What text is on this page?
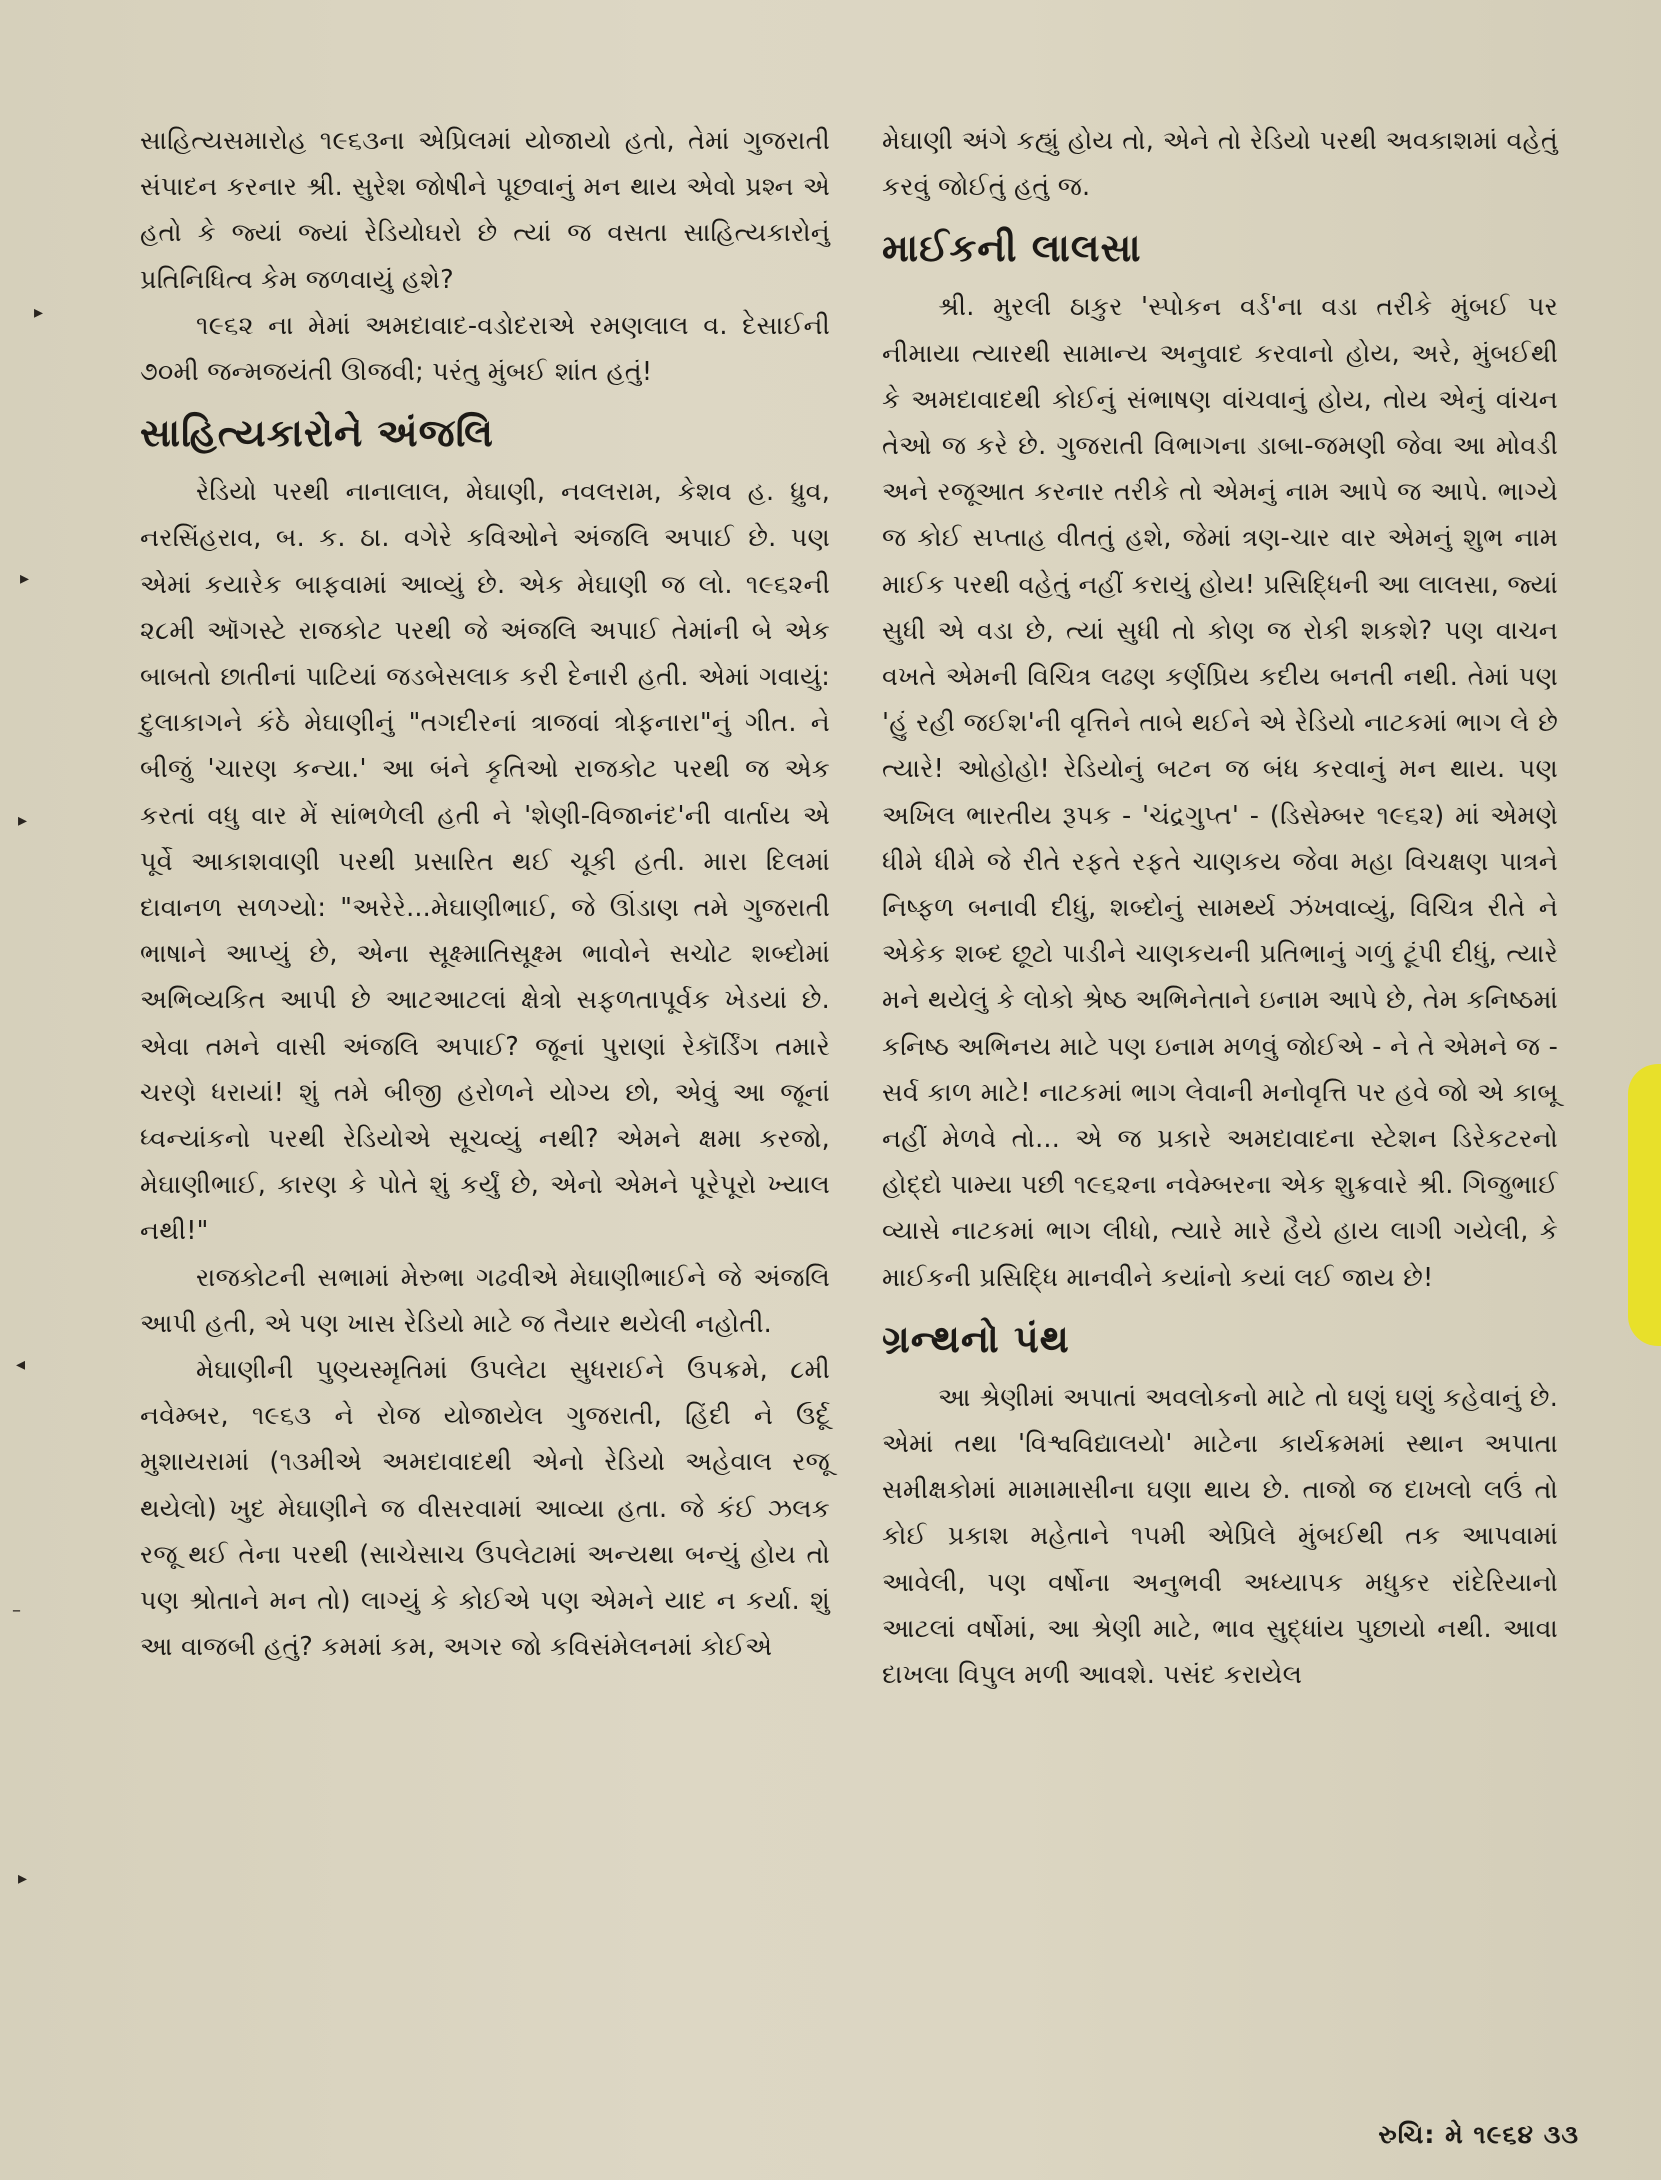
સાહિત્યસમારોહ ૧૯૬૩ના એપ્રિલમાં યોજાયો હતો, તેમાં ગુજરાતી સંપાદન કરનાર શ્રી. સુરેશ જોષીને પૂછવાનું મન થાય એવો પ્રશ્ન એ હતો કે જ્યાં જ્યાં રેડિયોઘરો છે ત્યાં જ વસતા સાહિત્યકારોનું પ્રતિનિધિત્વ કેમ જળવાયું હશે?

૧૯૬૨ ના મેમાં અમદાવાદ-વડોદરાએ રમણલાલ વ. દેસાઈની ૭૦મી જન્મજયંતી ઊજવી; પરંતુ મુંબઈ શાંત હતું!

સાહિત્યકારોને અંજલિ

રેડિયો પરથી નાનાલાલ, મેઘાણી, નવલરામ, કેશવ હ. ધ્રુવ, નરસિંહરાવ, બ. ક. ઠા. વગેરે કવિઓને અંજલિ અપાઈ છે. પણ એમાં કયારેક બાફવામાં આવ્યું છે. એક મેઘાણી જ લો. ૧૯૬૨ની ૨૮મી ઑગસ્ટે રાજકોટ પરથી જે અંજલિ અપાઈ તેમાંની બે એક બાબતો છાતીનાં પાટિયાં જડબેસલાક કરી દેનારી હતી. એમાં ગવાયું: દુલાકાગને કંઠે મેઘાણીનું "તગદીરનાં ત્રાજવાં ત્રોફનારા"નું ગીત. ને બીજું 'ચારણ કન્યા.' આ બંને કૃતિઓ રાજકોટ પરથી જ એક કરતાં વધુ વાર મેં સાંભળેલી હતી ને 'શેણી-વિજાનંદ'ની વાર્તાય એ પૂર્વે આકાશવાણી પરથી પ્રસારિત થઈ ચૂકી હતી. મારા દિલમાં દાવાનળ સળગ્યો: "અરેરે...મેઘાણીભાઈ, જે ઊંડાણ તમે ગુજરાતી ભાષાને આપ્યું છે, એના સૂક્ષ્માતિસૂક્ષ્મ ભાવોને સચોટ શબ્દોમાં અભિવ્યકિત આપી છે આટઆટલાં ક્ષેત્રો સફળતાપૂર્વક ખેડયાં છે. એવા તમને વાસી અંજલિ અપાઈ? જૂનાં પુરાણાં રેકૉર્ડિંગ તમારે ચરણે ધરાયાં! શું તમે બીજી હરોળને યોગ્ય છો, એવું આ જૂનાં ધ્વન્યાંકનો પરથી રેડિયોએ સૂચવ્યું નથી? એમને ક્ષમા કરજો, મેઘાણીભાઈ, કારણ કે પોતે શું કર્યું છે, એનો એમને પૂરેપૂરો ખ્યાલ નથી!"

રાજકોટની સભામાં મેરુભા ગઢવીએ મેઘાણીભાઈને જે અંજલિ આપી હતી, એ પણ ખાસ રેડિયો માટે જ તૈયાર થયેલી નહોતી.

મેઘાણીની પુણ્યસ્મૃતિમાં ઉપલેટા સુધરાઈને ઉપક્રમે, ૮મી નવેમ્બર, ૧૯૬૩ ને રોજ યોજાયેલ ગુજરાતી, હિંદી ને ઉર્દૂ મુશાયરામાં (૧૩મીએ અમદાવાદથી એનો રેડિયો અહેવાલ રજૂ થયેલો) ખુદ મેઘાણીને જ વીસરવામાં આવ્યા હતા. જે કંઈ ઝલક રજૂ થઈ તેના પરથી (સાચેસાચ ઉપલેટામાં અન્યથા બન્યું હોય તો પણ શ્રોતાને મન તો) લાગ્યું કે કોઈએ પણ એમને યાદ ન કર્યા. શું આ વાજબી હતું? કમમાં કમ, અગર જો કવિસંમેલનમાં કોઈએ

મેઘાણી અંગે કહ્યું હોય તો, એને તો રેડિયો પરથી અવકાશમાં વહેતું કરવું જોઈતું હતું જ.

માઈકની લાલસા

શ્રી. મુરલી ઠાકુર 'સ્પોકન વર્ડ'ના વડા તરીકે મુંબઈ પર નીમાયા ત્યારથી સામાન્ય અનુવાદ કરવાનો હોય, અરે, મુંબઈથી કે અમદાવાદથી કોઈનું સંભાષણ વાંચવાનું હોય, તોય એનું વાંચન તેઓ જ કરે છે. ગુજરાતી વિભાગના ડાબા-જમણી જેવા આ મોવડી અને રજૂઆત કરનાર તરીકે તો એમનું નામ આપે જ આપે. ભાગ્યે જ કોઈ સપ્તાહ વીતતું હશે, જેમાં ત્રણ-ચાર વાર એમનું શુભ નામ માઈક પરથી વહેતું નહીં કરાયું હોય! પ્રસિદ્ધિની આ લાલસા, જ્યાં સુધી એ વડા છે, ત્યાં સુધી તો કોણ જ રોકી શકશે? પણ વાચન વખતે એમની વિચિત્ર લઢણ કર્ણપ્રિય કદીય બનતી નથી. તેમાં પણ 'હું રહી જઈશ'ની વૃત્તિને તાબે થઈને એ રેડિયો નાટકમાં ભાગ લે છે ત્યારે! ઓહોહો! રેડિયોનું બટન જ બંધ કરવાનું મન થાય. પણ અખિલ ભારતીય રૂપક - 'ચંદ્રગુપ્ત' - (ડિસેમ્બર ૧૯૬૨) માં એમણે ધીમે ધીમે જે રીતે રફતે રફતે ચાણકય જેવા મહા વિચક્ષણ પાત્રને નિષ્ફળ બનાવી દીધું, શબ્દોનું સામર્થ્ય ઝંખવાવ્યું, વિચિત્ર રીતે ને એકેક શબ્દ છૂટો પાડીને ચાણકયની પ્રતિભાનું ગળું ટૂંપી દીધું, ત્યારે મને થયેલું કે લોકો શ્રેષ્ઠ અભિનેતાને ઇનામ આપે છે, તેમ કનિષ્ઠમાં કનિષ્ઠ અભિનય માટે પણ ઇનામ મળવું જોઈએ - ને તે એમને જ - સર્વ કાળ માટે! નાટકમાં ભાગ લેવાની મનોવૃત્તિ પર હવે જો એ કાબૂ નહીં મેળવે તો... એ જ પ્રકારે અમદાવાદના સ્ટેશન ડિરેકટરનો હોદ્દો પામ્યા પછી ૧૯૬૨ના નવેમ્બરના એક શુક્રવારે શ્રી. ગિજુભાઈ વ્યાસે નાટકમાં ભાગ લીધો, ત્યારે મારે હૈયે હાય લાગી ગયેલી, કે માઈકની પ્રસિદ્ધિ માનવીને કયાંનો કયાં લઈ જાય છે!

ગ્રન્થનો પંથ

આ શ્રેણીમાં અપાતાં અવલોકનો માટે તો ઘણું ઘણું કહેવાનું છે. એમાં તથા 'વિશ્વવિદ્યાલયો' માટેના કાર્યક્રમમાં સ્થાન અપાતા સમીક્ષકોમાં મામામાસીના ઘણા થાય છે. તાજો જ દાખલો લઉં તો કોઈ પ્રકાશ મહેતાને ૧૫મી એપ્રિલે મુંબઈથી તક આપવામાં આવેલી, પણ વર્ષોના અનુભવી અધ્યાપક મધુકર રાંદેરિયાનો આટલાં વર્ષોમાં, આ શ્રેણી માટે, ભાવ સુદ્ધાંય પુછાયો નથી. આવા દાખલા વિપુલ મળી આવશે. પસંદ કરાયેલ

રુચિ: મે ૧૯૬૪ ૩૩
▸
▸
▸
◂
–
▸
